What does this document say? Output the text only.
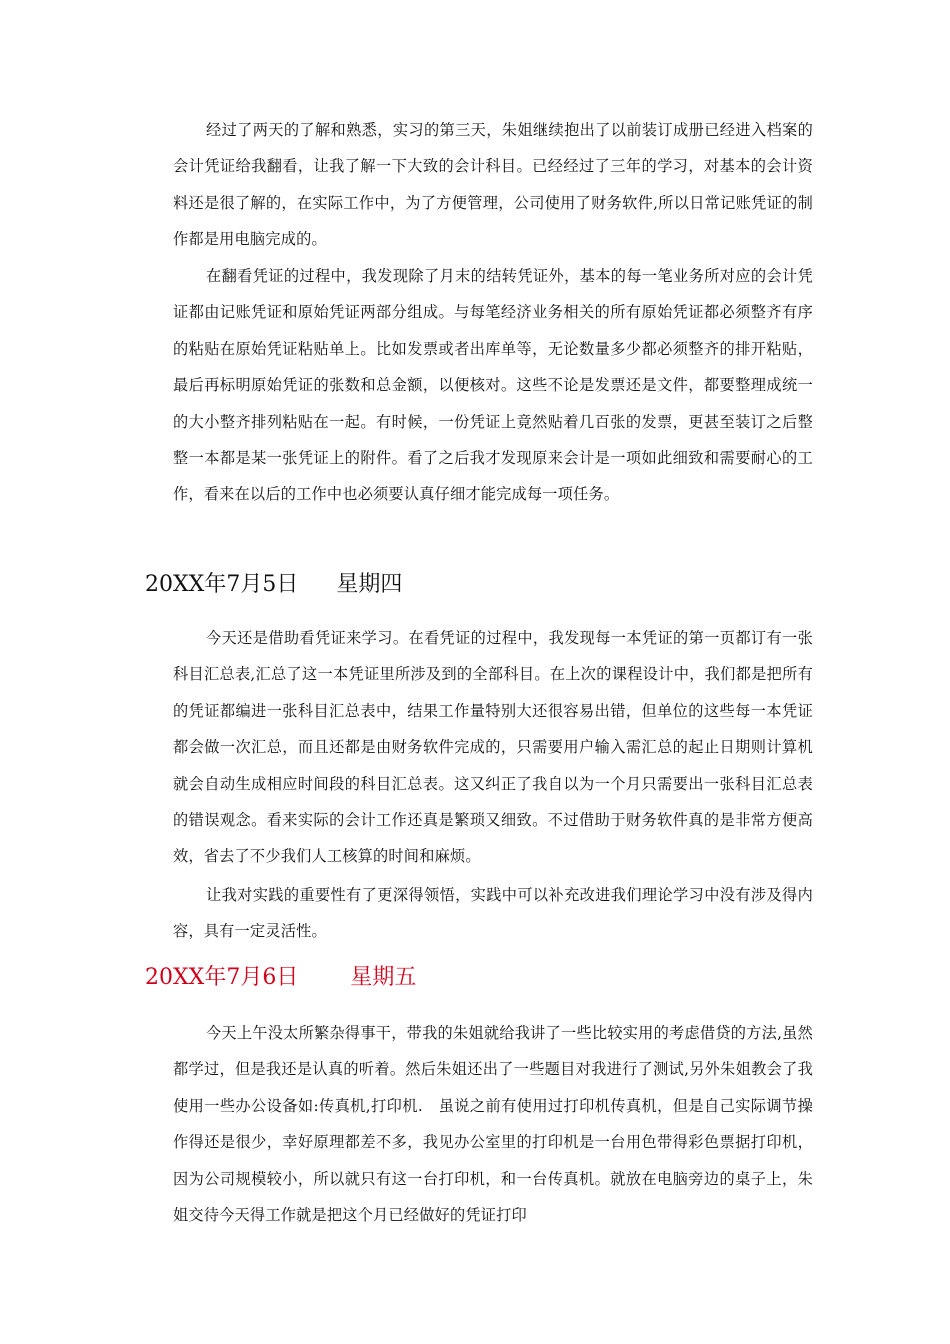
经过了两天的了解和熟悉，实习的第三天，朱姐继续抱出了以前装订成册已经进入档案的会计凭证给我翻看，让我了解一下大致的会计科目。已经经过了三年的学习，对基本的会计资料还是很了解的，在实际工作中，为了方便管理，公司使用了财务软件,所以日常记账凭证的制作都是用电脑完成的。

在翻看凭证的过程中，我发现除了月末的结转凭证外，基本的每一笔业务所对应的会计凭证都由记账凭证和原始凭证两部分组成。与每笔经济业务相关的所有原始凭证都必须整齐有序的粘贴在原始凭证粘贴单上。比如发票或者出库单等，无论数量多少都必须整齐的排开粘贴，最后再标明原始凭证的张数和总金额，以便核对。这些不论是发票还是文件，都要整理成统一的大小整齐排列粘贴在一起。有时候，一份凭证上竟然贴着几百张的发票，更甚至装订之后整整一本都是某一张凭证上的附件。看了之后我才发现原来会计是一项如此细致和需要耐心的工作，看来在以后的工作中也必须要认真仔细才能完成每一项任务。

20XX年7月5日 星期四

今天还是借助看凭证来学习。在看凭证的过程中，我发现每一本凭证的第一页都订有一张科目汇总表,汇总了这一本凭证里所涉及到的全部科目。在上次的课程设计中，我们都是把所有的凭证都编进一张科目汇总表中，结果工作量特别大还很容易出错，但单位的这些每一本凭证都会做一次汇总，而且还都是由财务软件完成的，只需要用户输入需汇总的起止日期则计算机就会自动生成相应时间段的科目汇总表。这又纠正了我自以为一个月只需要出一张科目汇总表的错误观念。看来实际的会计工作还真是繁琐又细致。不过借助于财务软件真的是非常方便高效，省去了不少我们人工核算的时间和麻烦。

让我对实践的重要性有了更深得领悟，实践中可以补充改进我们理论学习中没有涉及得内容，具有一定灵活性。

20XX年7月6日 星期五

今天上午没太所繁杂得事干，带我的朱姐就给我讲了一些比较实用的考虑借贷的方法,虽然都学过，但是我还是认真的听着。然后朱姐还出了一些题目对我进行了测试,另外朱姐教会了我使用一些办公设备如:传真机,打印机.　虽说之前有使用过打印机传真机，但是自己实际调节操作得还是很少，幸好原理都差不多，我见办公室里的打印机是一台用色带得彩色票据打印机，因为公司规模较小，所以就只有这一台打印机，和一台传真机。就放在电脑旁边的桌子上，朱姐交待今天得工作就是把这个月已经做好的凭证打印
